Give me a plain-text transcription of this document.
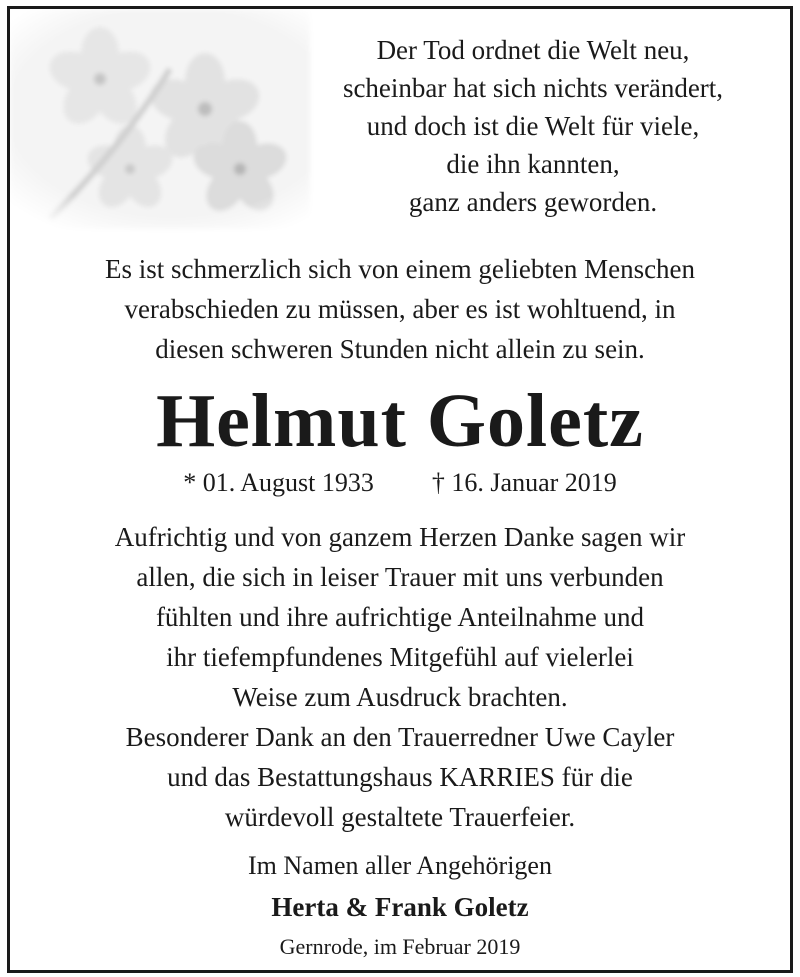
Der Tod ordnet die Welt neu,
scheinbar hat sich nichts verändert,
und doch ist die Welt für viele,
die ihn kannten,
ganz anders geworden.
Es ist schmerzlich sich von einem geliebten Menschen
verabschieden zu müssen, aber es ist wohltuend, in
diesen schweren Stunden nicht allein zu sein.
Helmut Goletz
* 01. August 1933 † 16. Januar 2019
Aufrichtig und von ganzem Herzen Danke sagen wir
allen, die sich in leiser Trauer mit uns verbunden
fühlten und ihre aufrichtige Anteilnahme und
ihr tiefempfundenes Mitgefühl auf vielerlei
Weise zum Ausdruck brachten.
Besonderer Dank an den Trauerredner Uwe Cayler
und das Bestattungshaus KARRIES für die
würdevoll gestaltete Trauerfeier.
Im Namen aller Angehörigen
Herta & Frank Goletz
Gernrode, im Februar 2019
